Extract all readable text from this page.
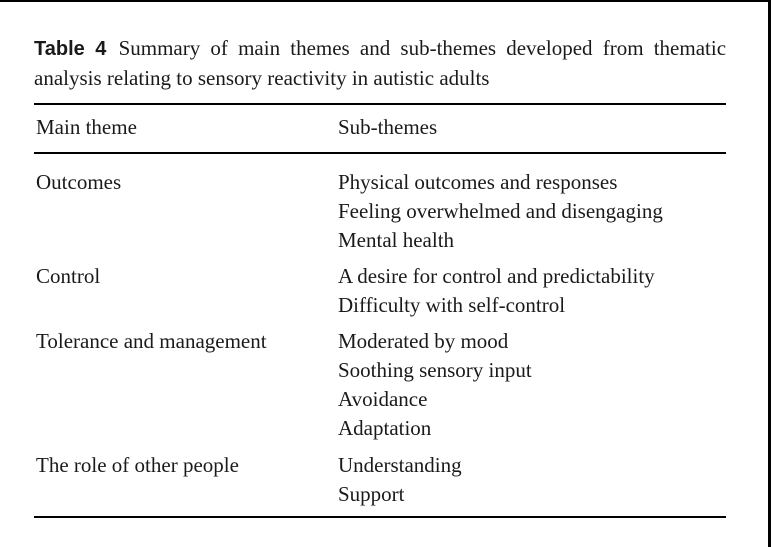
Table 4 Summary of main themes and sub-themes developed from thematic analysis relating to sensory reactivity in autistic adults
Main theme	Sub-themes
Outcomes	Physical outcomes and responses
Feeling overwhelmed and disengaging
Mental health
Control	A desire for control and predictability
Difficulty with self-control
Tolerance and management	Moderated by mood
Soothing sensory input
Avoidance
Adaptation
The role of other people	Understanding
Support
